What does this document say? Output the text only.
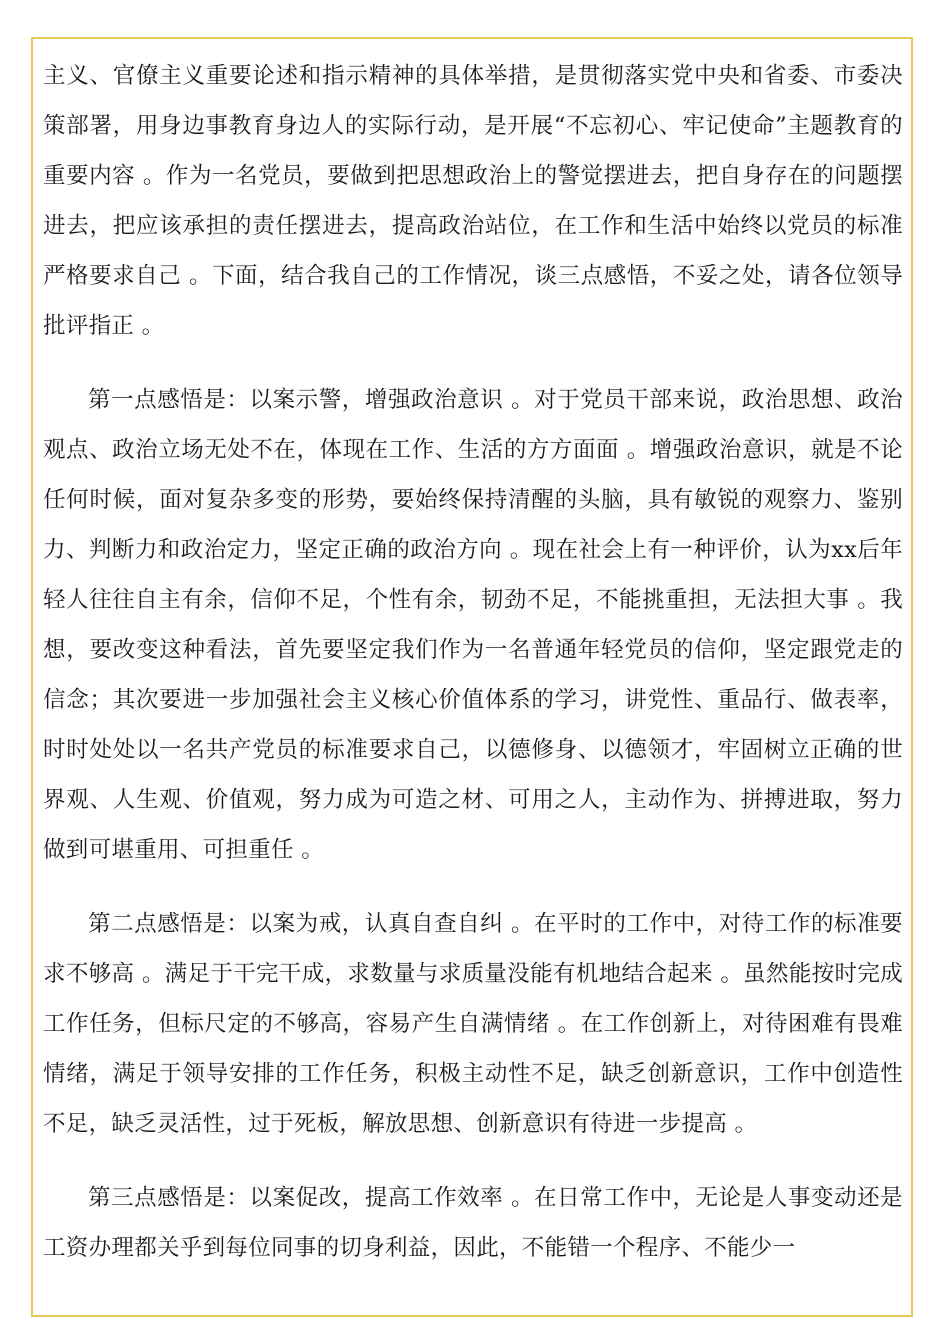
主义、官僚主义重要论述和指示精神的具体举措，是贯彻落实党中央和省委、市委决策部署，用身边事教育身边人的实际行动，是开展“不忘初心、牢记使命”主题教育的重要内容 。作为一名党员，要做到把思想政治上的警觉摆进去，把自身存在的问题摆进去，把应该承担的责任摆进去，提高政治站位，在工作和生活中始终以党员的标准严格要求自己 。下面，结合我自己的工作情况，谈三点感悟，不妥之处，请各位领导批评指正 。

第一点感悟是：以案示警，增强政治意识 。对于党员干部来说，政治思想、政治观点、政治立场无处不在，体现在工作、生活的方方面面 。增强政治意识，就是不论任何时候，面对复杂多变的形势，要始终保持清醒的头脑，具有敏锐的观察力、鉴别力、判断力和政治定力，坚定正确的政治方向 。现在社会上有一种评价，认为xx后年轻人往往自主有余，信仰不足，个性有余，韧劲不足，不能挑重担，无法担大事 。我想，要改变这种看法，首先要坚定我们作为一名普通年轻党员的信仰，坚定跟党走的信念；其次要进一步加强社会主义核心价值体系的学习，讲党性、重品行、做表率，时时处处以一名共产党员的标准要求自己，以德修身、以德领才，牢固树立正确的世界观、人生观、价值观，努力成为可造之材、可用之人，主动作为、拼搏进取，努力做到可堪重用、可担重任 。

第二点感悟是：以案为戒，认真自查自纠 。在平时的工作中，对待工作的标准要求不够高 。满足于干完干成，求数量与求质量没能有机地结合起来 。虽然能按时完成工作任务，但标尺定的不够高，容易产生自满情绪 。在工作创新上，对待困难有畏难情绪，满足于领导安排的工作任务，积极主动性不足，缺乏创新意识，工作中创造性不足，缺乏灵活性，过于死板，解放思想、创新意识有待进一步提高 。

第三点感悟是：以案促改，提高工作效率 。在日常工作中，无论是人事变动还是工资办理都关乎到每位同事的切身利益，因此，不能错一个程序、不能少一
